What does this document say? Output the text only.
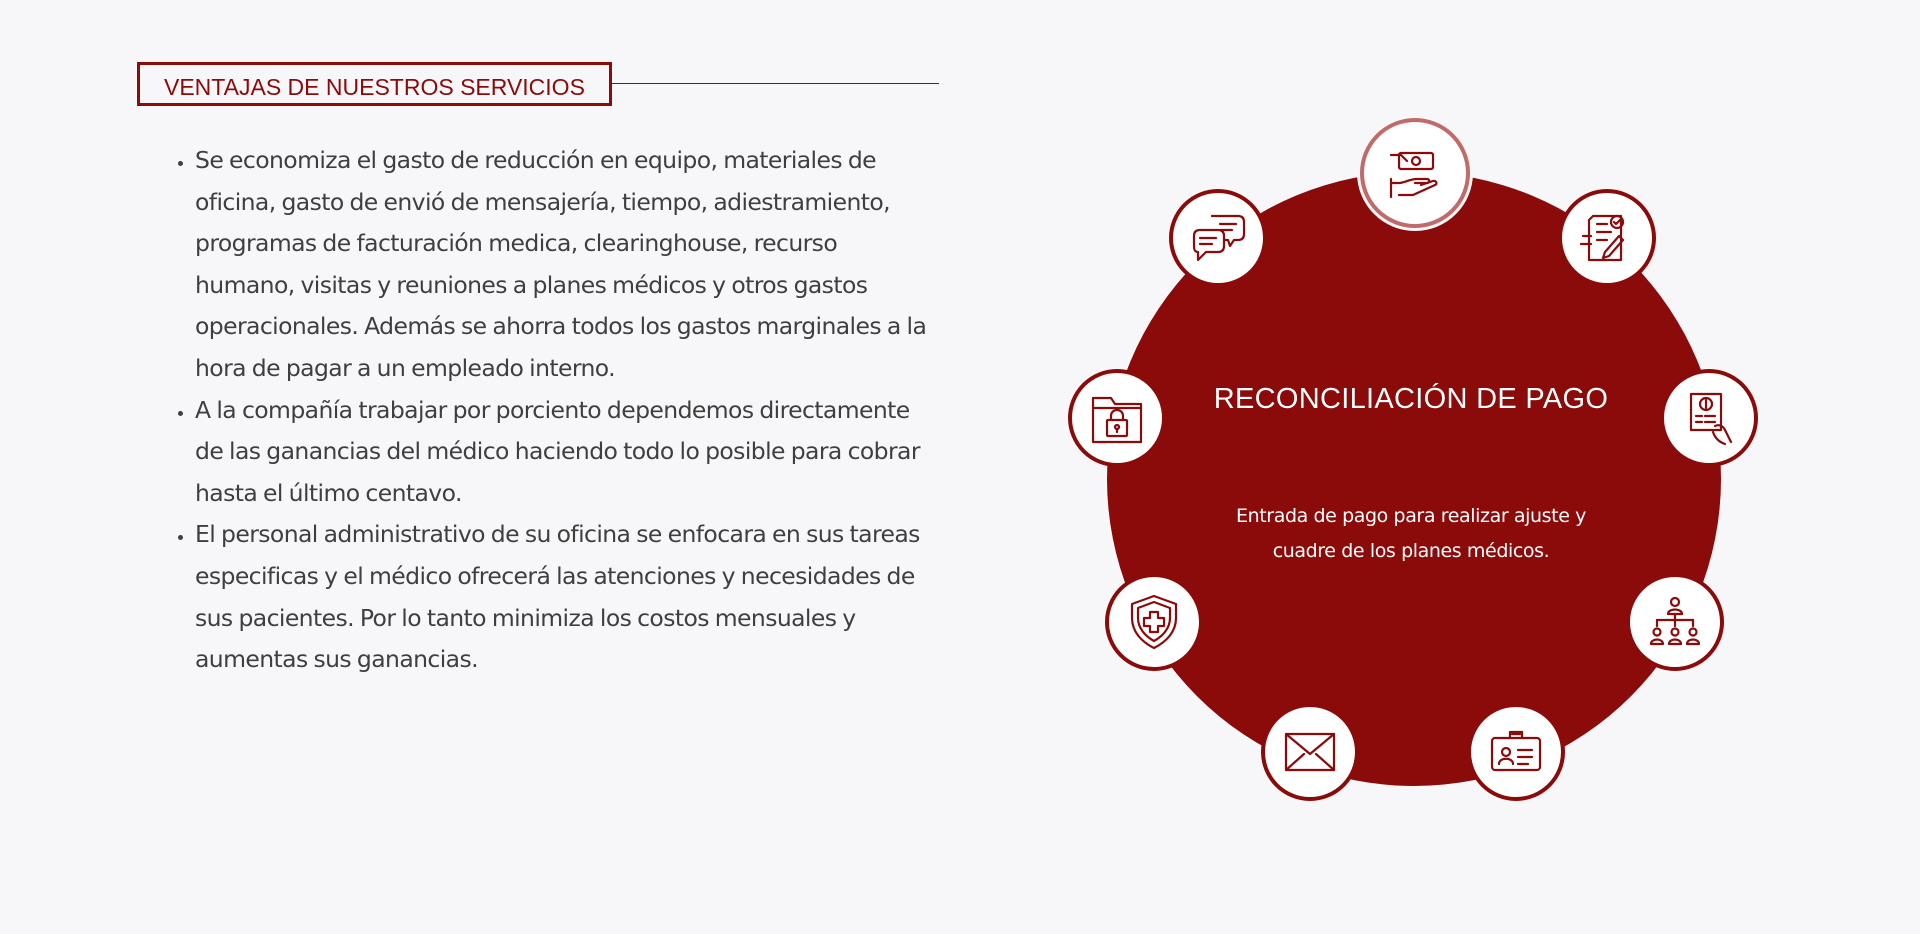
VENTAJAS DE NUESTROS SERVICIOS
• Se economiza el gasto de reducción en equipo, materiales de oficina, gasto de envió de mensajería, tiempo, adiestramiento, programas de facturación medica, clearinghouse, recurso humano, visitas y reuniones a planes médicos y otros gastos operacionales. Además se ahorra todos los gastos marginales a la hora de pagar a un empleado interno.
• A la compañía trabajar por porciento dependemos directamente de las ganancias del médico haciendo todo lo posible para cobrar hasta el último centavo.
• El personal administrativo de su oficina se enfocara en sus tareas especificas y el médico ofrecerá las atenciones y necesidades de sus pacientes. Por lo tanto minimiza los costos mensuales y aumentas sus ganancias.
RECONCILIACIÓN DE PAGO
Entrada de pago para realizar ajuste y cuadre de los planes médicos.
